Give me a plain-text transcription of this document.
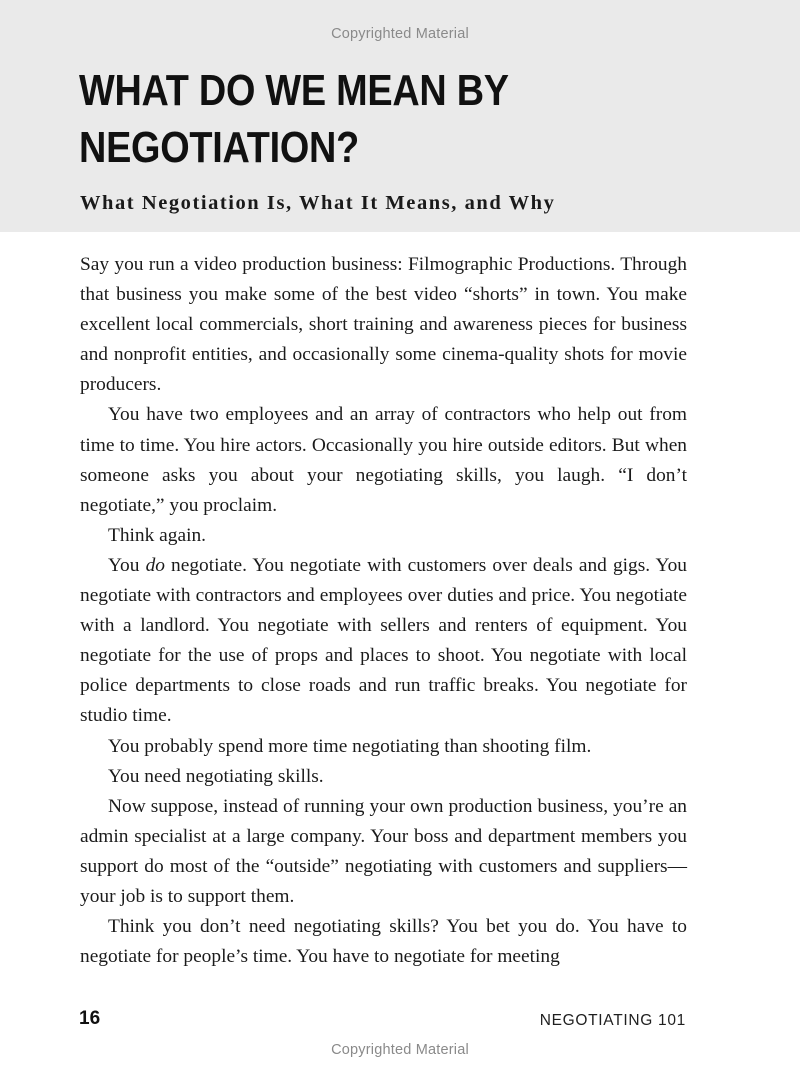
Copyrighted Material
WHAT DO WE MEAN BY
NEGOTIATION?
What Negotiation Is, What It Means, and Why

Say you run a video production business: Filmographic Productions. Through that business you make some of the best video “shorts” in town. You make excellent local commercials, short training and awareness pieces for business and nonprofit entities, and occasionally some cinema-quality shots for movie producers.

You have two employees and an array of contractors who help out from time to time. You hire actors. Occasionally you hire outside editors. But when someone asks you about your negotiating skills, you laugh. “I don’t negotiate,” you proclaim.

Think again.

You do negotiate. You negotiate with customers over deals and gigs. You negotiate with contractors and employees over duties and price. You negotiate with a landlord. You negotiate with sellers and renters of equipment. You negotiate for the use of props and places to shoot. You negotiate with local police departments to close roads and run traffic breaks. You negotiate for studio time.

You probably spend more time negotiating than shooting film.

You need negotiating skills.

Now suppose, instead of running your own production business, you’re an admin specialist at a large company. Your boss and department members you support do most of the “outside” negotiating with customers and suppliers—your job is to support them.

Think you don’t need negotiating skills? You bet you do. You have to negotiate for people’s time. You have to negotiate for meeting

16	NEGOTIATING 101
Copyrighted Material
